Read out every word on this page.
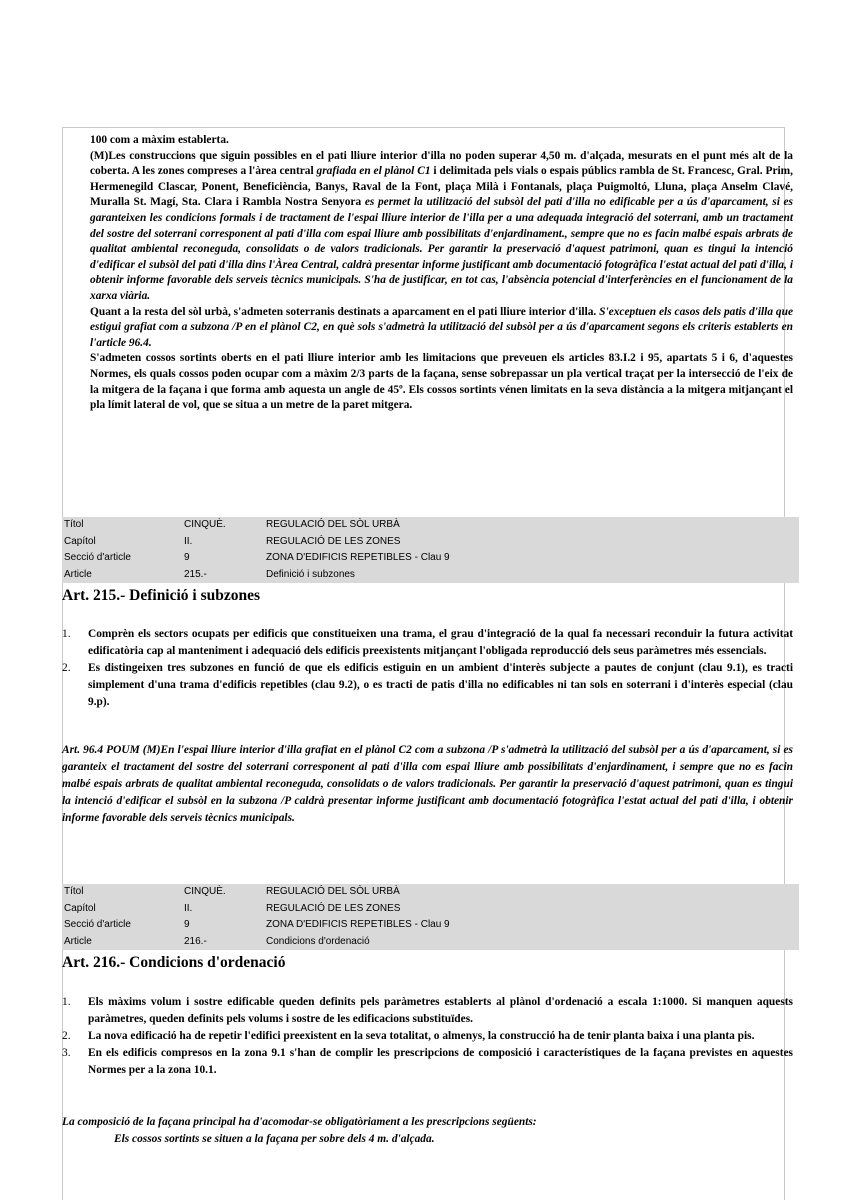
100 com a màxim establerta.

(M)Les construccions que siguin possibles en el pati lliure interior d'illa no poden superar 4,50 m. d'alçada, mesurats en el punt més alt de la coberta. A les zones compreses a l'àrea central grafiada en el plànol C1 i delimitada pels vials o espais públics rambla de St. Francesc, Gral. Prim, Hermenegild Clascar, Ponent, Beneficiència, Banys, Raval de la Font, plaça Milà i Fontanals, plaça Puigmoltó, Lluna, plaça Anselm Clavé, Muralla St. Magí, Sta. Clara i Rambla Nostra Senyora es permet la utilització del subsòl del pati d'illa no edificable per a ús d'aparcament, si es garanteixen les condicions formals i de tractament de l'espai lliure interior de l'illa per a una adequada integració del soterrani, amb un tractament del sostre del soterrani corresponent al pati d'illa com espai lliure amb possibilitats d'enjardinament., sempre que no es facin malbé espais arbrats de qualitat ambiental reconeguda, consolidats o de valors tradicionals. Per garantir la preservació d'aquest patrimoni, quan es tingui la intenció d'edificar el subsòl del pati d'illa dins l'Àrea Central, caldrà presentar informe justificant amb documentació fotogràfica l'estat actual del pati d'illa, i obtenir informe favorable dels serveis tècnics municipals. S'ha de justificar, en tot cas, l'absència potencial d'interferències en el funcionament de la xarxa viària.

Quant a la resta del sòl urbà, s'admeten soterranis destinats a aparcament en el pati lliure interior d'illa. S'exceptuen els casos dels patis d'illa que estigui grafiat com a subzona /P en el plànol C2, en què sols s'admetrà la utilització del subsòl per a ús d'aparcament segons els criteris establerts en l'article 96.4.

S'admeten cossos sortints oberts en el pati lliure interior amb les limitacions que preveuen els articles 83.I.2 i 95, apartats 5 i 6, d'aquestes Normes, els quals cossos poden ocupar com a màxim 2/3 parts de la façana, sense sobrepassar un pla vertical traçat per la intersecció de l'eix de la mitgera de la façana i que forma amb aquesta un angle de 45º. Els cossos sortints vénen limitats en la seva distància a la mitgera mitjançant el pla límit lateral de vol, que se situa a un metre de la paret mitgera.

Títol	CINQUÈ.	REGULACIÓ DEL SÒL URBÀ
Capítol	II.	REGULACIÓ DE LES ZONES
Secció d'article	9	ZONA D'EDIFICIS REPETIBLES - Clau 9
Article	215.-	Definició i subzones
Art. 215.- Definició i subzones
1. Comprèn els sectors ocupats per edificis que constitueixen una trama, el grau d'integració de la qual fa necessari reconduir la futura activitat edificatòria cap al manteniment i adequació dels edificis preexistents mitjançant l'obligada reproducció dels seus paràmetres més essencials.
2. Es distingeixen tres subzones en funció de que els edificis estiguin en un ambient d'interès subjecte a pautes de conjunt (clau 9.1), es tracti simplement d'una trama d'edificis repetibles (clau 9.2), o es tracti de patis d'illa no edificables ni tan sols en soterrani i d'interès especial (clau 9.p).
Art. 96.4 POUM (M)En l'espai lliure interior d'illa grafiat en el plànol C2 com a subzona /P s'admetrà la utilització del subsòl per a ús d'aparcament, si es garanteix el tractament del sostre del soterrani corresponent al pati d'illa com espai lliure amb possibilitats d'enjardinament, i sempre que no es facin malbé espais arbrats de qualitat ambiental reconeguda, consolidats o de valors tradicionals. Per garantir la preservació d'aquest patrimoni, quan es tingui la intenció d'edificar el subsòl en la subzona /P caldrà presentar informe justificant amb documentació fotogràfica l'estat actual del pati d'illa, i obtenir informe favorable dels serveis tècnics municipals.
Títol	CINQUÈ.	REGULACIÓ DEL SÒL URBÀ
Capítol	II.	REGULACIÓ DE LES ZONES
Secció d'article	9	ZONA D'EDIFICIS REPETIBLES - Clau 9
Article	216.-	Condicions d'ordenació
Art. 216.- Condicions d'ordenació
1. Els màxims volum i sostre edificable queden definits pels paràmetres establerts al plànol d'ordenació a escala 1:1000. Si manquen aquests paràmetres, queden definits pels volums i sostre de les edificacions substituïdes.
2. La nova edificació ha de repetir l'edifici preexistent en la seva totalitat, o almenys, la construcció ha de tenir planta baixa i una planta pis.
3. En els edificis compresos en la zona 9.1 s'han de complir les prescripcions de composició i característiques de la façana previstes en aquestes Normes per a la zona 10.1.
La composició de la façana principal ha d'acomodar-se obligatòriament a les prescripcions següents:
Els cossos sortints se situen a la façana per sobre dels 4 m. d'alçada.
